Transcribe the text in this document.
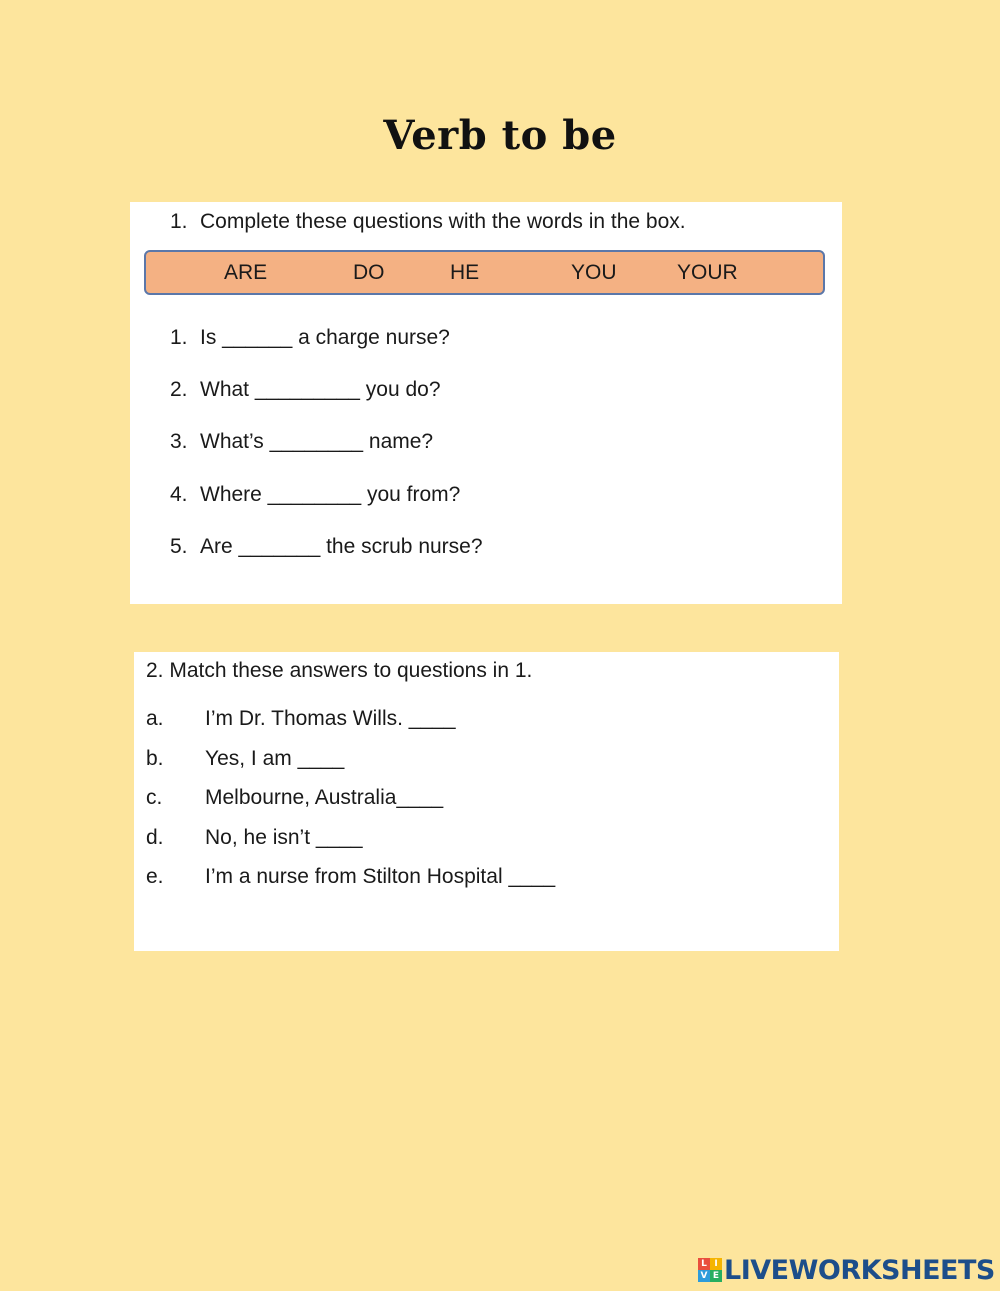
Verb to be
1. Complete these questions with the words in the box.
ARE	DO	HE	YOU	YOUR
1. Is ______ a charge nurse?
2. What _________ you do?
3. What’s ________ name?
4. Where ________ you from?
5. Are _______ the scrub nurse?
2. Match these answers to questions in 1.
a. I’m Dr. Thomas Wills. ____
b. Yes, I am ____
c. Melbourne, Australia____
d. No, he isn’t ____
e. I’m a nurse from Stilton Hospital ____
L I
V E LIVEWORKSHEETS
